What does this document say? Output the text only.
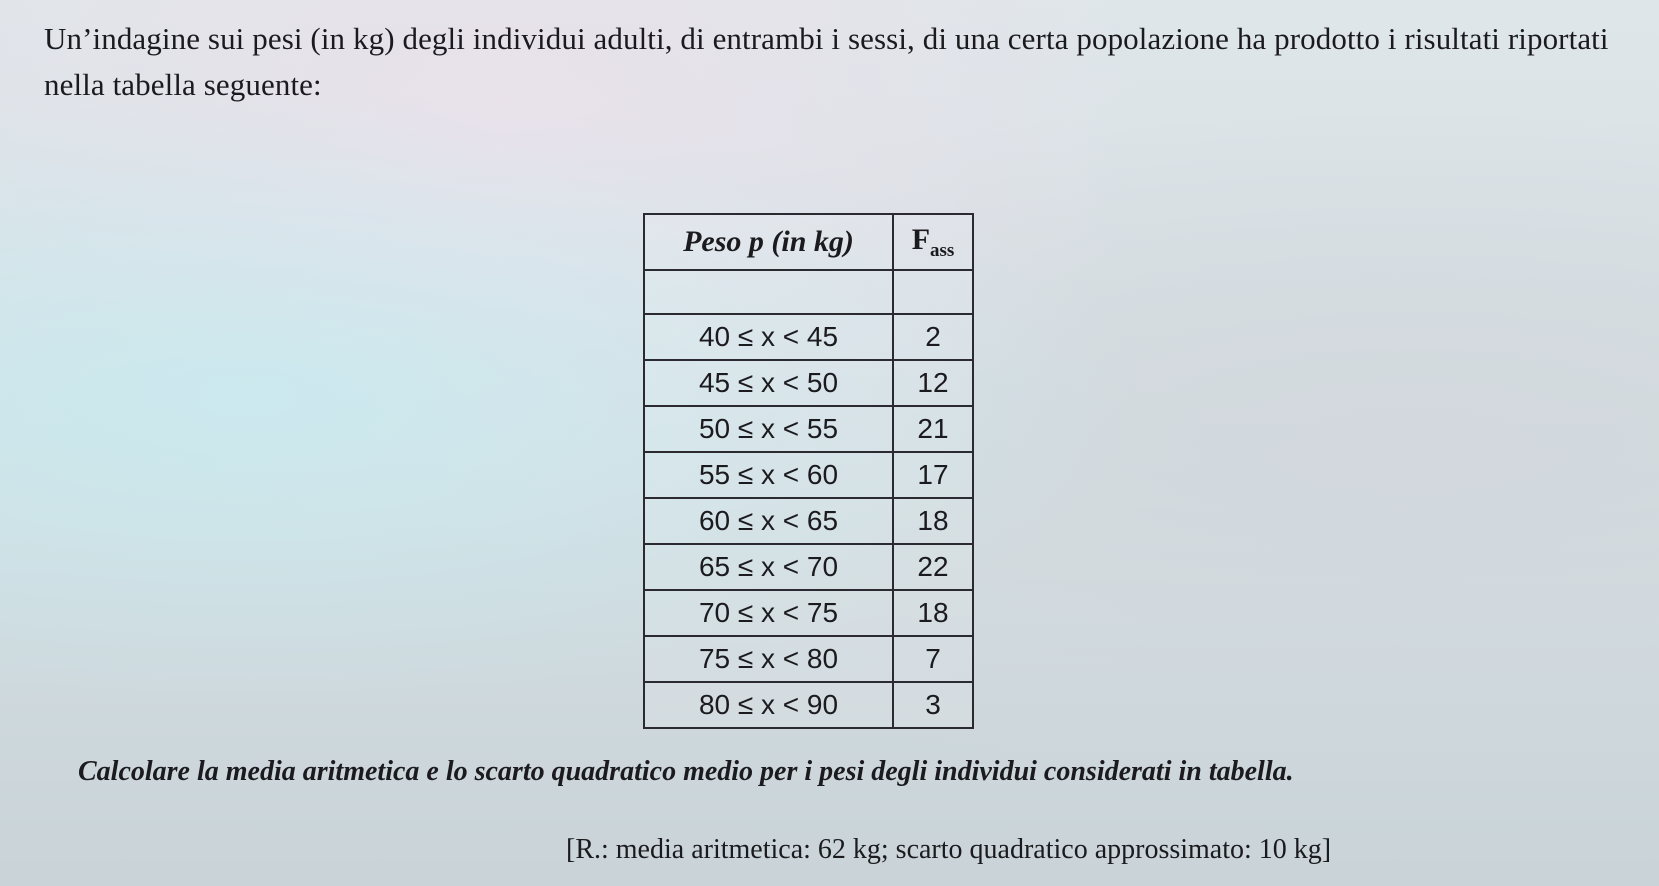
Un’indagine sui pesi (in kg) degli individui adulti, di entrambi i sessi, di una certa popolazione ha prodotto i risultati riportati nella tabella seguente:

Peso p (in kg)	$F_{ass}$

40 ≤ x < 45	2
45 ≤ x < 50	12
50 ≤ x < 55	21
55 ≤ x < 60	17
60 ≤ x < 65	18
65 ≤ x < 70	22
70 ≤ x < 75	18
75 ≤ x < 80	7
80 ≤ x < 90	3

Calcolare la media aritmetica e lo scarto quadratico medio per i pesi degli individui considerati in tabella.

[R.: media aritmetica: 62 kg; scarto quadratico approssimato: 10 kg]
